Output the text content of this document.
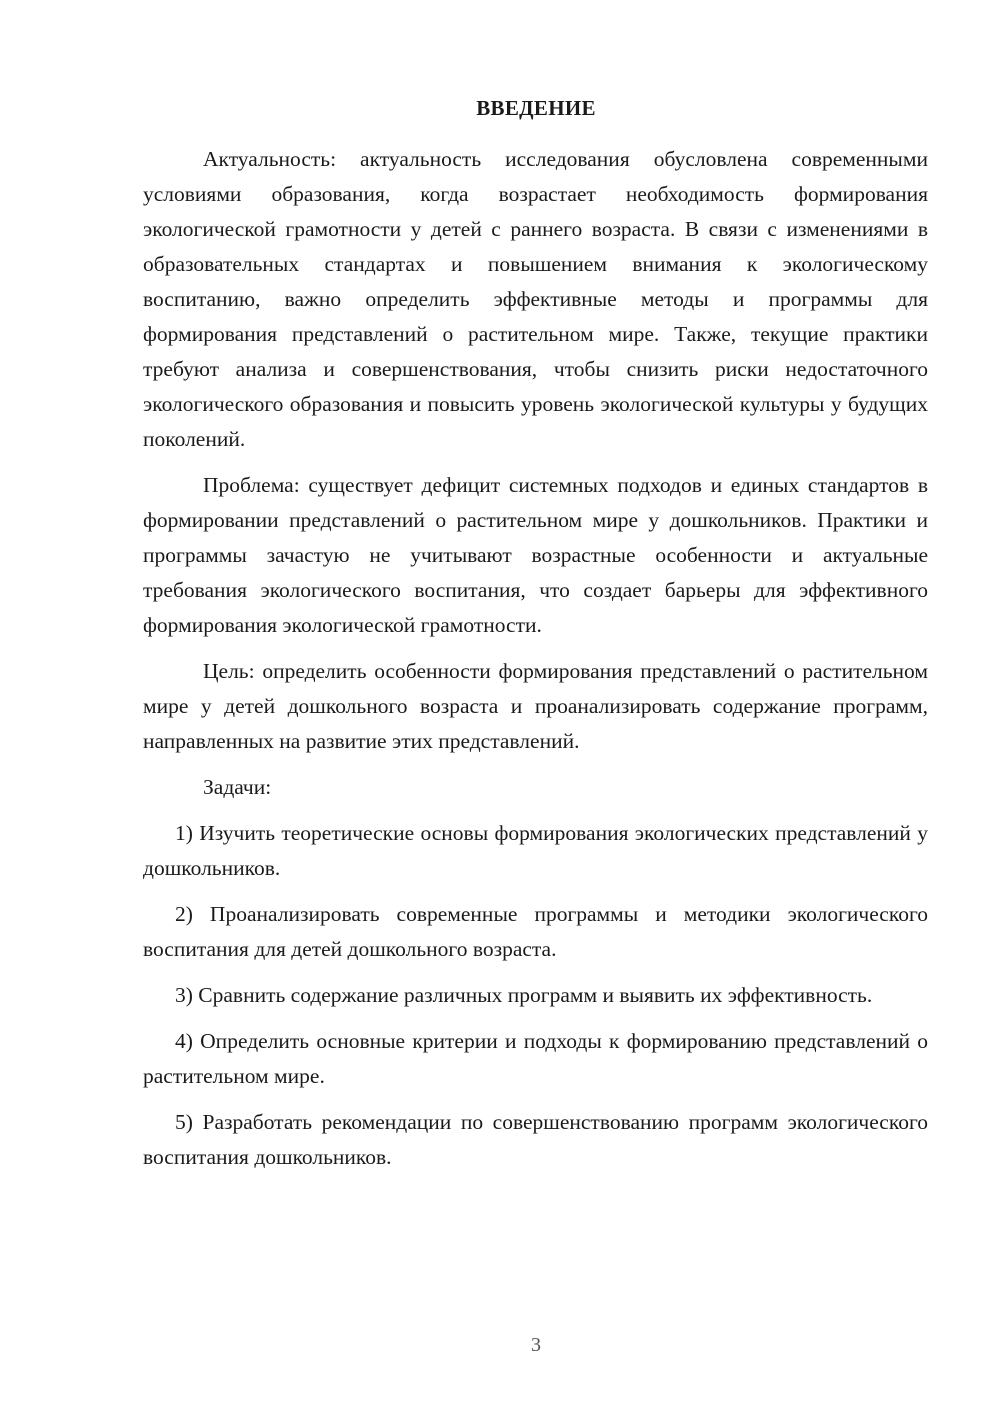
ВВЕДЕНИЕ

Актуальность: актуальность исследования обусловлена современными условиями образования, когда возрастает необходимость формирования экологической грамотности у детей с раннего возраста. В связи с изменениями в образовательных стандартах и повышением внимания к экологическому воспитанию, важно определить эффективные методы и программы для формирования представлений о растительном мире. Также, текущие практики требуют анализа и совершенствования, чтобы снизить риски недостаточного экологического образования и повысить уровень экологической культуры у будущих поколений.

Проблема: существует дефицит системных подходов и единых стандартов в формировании представлений о растительном мире у дошкольников. Практики и программы зачастую не учитывают возрастные особенности и актуальные требования экологического воспитания, что создает барьеры для эффективного формирования экологической грамотности.

Цель: определить особенности формирования представлений о растительном мире у детей дошкольного возраста и проанализировать содержание программ, направленных на развитие этих представлений.

Задачи:

1) Изучить теоретические основы формирования экологических представлений у дошкольников.

2) Проанализировать современные программы и методики экологического воспитания для детей дошкольного возраста.

3) Сравнить содержание различных программ и выявить их эффективность.

4) Определить основные критерии и подходы к формированию представлений о растительном мире.

5) Разработать рекомендации по совершенствованию программ экологического воспитания дошкольников.

3
